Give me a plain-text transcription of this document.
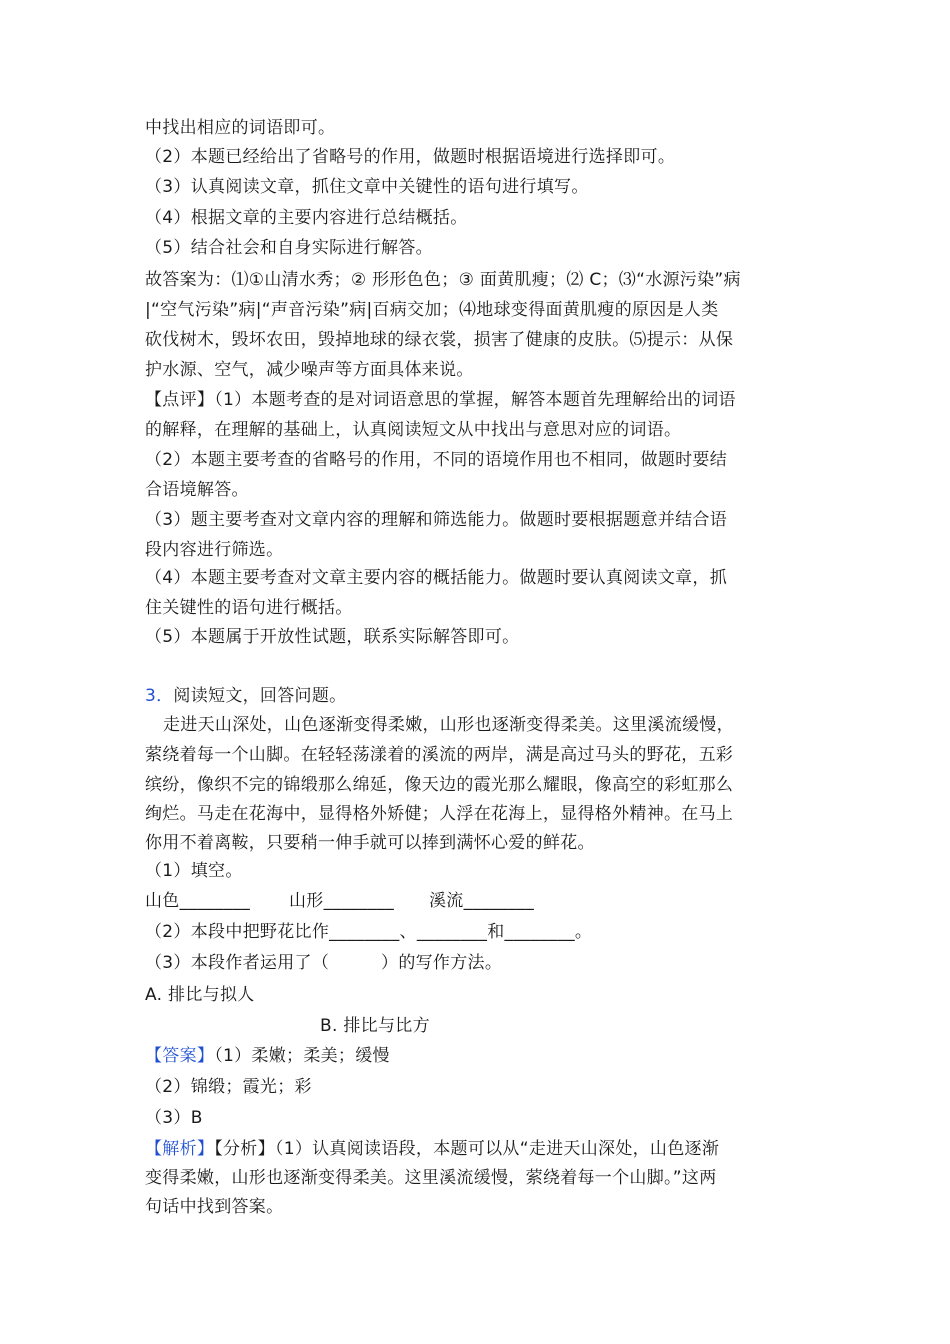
中找出相应的词语即可。
（2）本题已经给出了省略号的作用，做题时根据语境进行选择即可。
（3）认真阅读文章，抓住文章中关键性的语句进行填写。
（4）根据文章的主要内容进行总结概括。
（5）结合社会和自身实际进行解答。
故答案为：⑴①山清水秀；② 形形色色；③ 面黄肌瘦；⑵ C；⑶“水源污染”病
|“空气污染”病|“声音污染”病|百病交加；⑷地球变得面黄肌瘦的原因是人类
砍伐树木，毁坏农田，毁掉地球的绿衣裳，损害了健康的皮肤。⑸提示：从保
护水源、空气，减少噪声等方面具体来说。
【点评】（1）本题考查的是对词语意思的掌握，解答本题首先理解给出的词语
的解释，在理解的基础上，认真阅读短文从中找出与意思对应的词语。
（2）本题主要考查的省略号的作用，不同的语境作用也不相同，做题时要结
合语境解答。
（3）题主要考查对文章内容的理解和筛选能力。做题时要根据题意并结合语
段内容进行筛选。
（4）本题主要考查对文章主要内容的概括能力。做题时要认真阅读文章，抓
住关键性的语句进行概括。
（5）本题属于开放性试题，联系实际解答即可。
3．阅读短文，回答问题。
走进天山深处，山色逐渐变得柔嫩，山形也逐渐变得柔美。这里溪流缓慢，
萦绕着每一个山脚。在轻轻荡漾着的溪流的两岸，满是高过马头的野花，五彩
缤纷，像织不完的锦缎那么绵延，像天边的霞光那么耀眼，像高空的彩虹那么
绚烂。马走在花海中，显得格外矫健；人浮在花海上，显得格外精神。在马上
你用不着离鞍，只要稍一伸手就可以捧到满怀心爱的鲜花。
（1）填空。
山色________ 山形________ 溪流________
（2）本段中把野花比作________、________和________。
（3）本段作者运用了（　　　）的写作方法。
A. 排比与拟人
B. 排比与比方
【答案】（1）柔嫩；柔美；缓慢
（2）锦缎；霞光；彩
（3）B
【解析】【分析】（1）认真阅读语段，本题可以从“走进天山深处，山色逐渐
变得柔嫩，山形也逐渐变得柔美。这里溪流缓慢，萦绕着每一个山脚。”这两
句话中找到答案。
